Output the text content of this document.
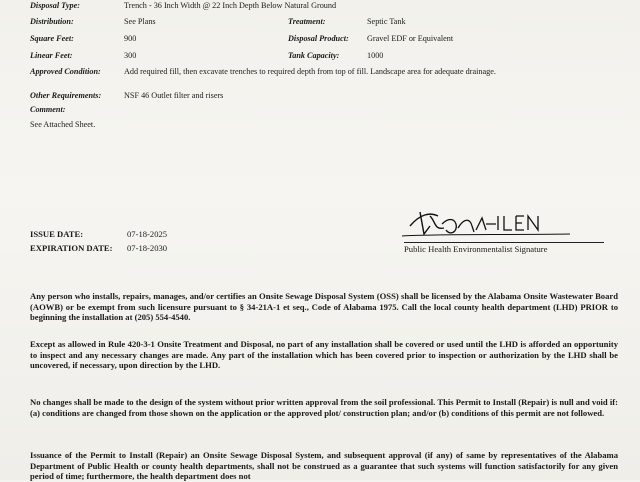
Disposal Type:	Trench - 36 Inch Width @ 22 Inch Depth Below Natural Ground
Distribution:	See Plans	Treatment:	Septic Tank
Square Feet:	900	Disposal Product: Gravel EDF or Equivalent
Linear Feet:	300	Tank Capacity:	1000
Approved Condition:	Add required fill, then excavate trenches to required depth from top of fill. Landscape area for adequate drainage.
Other Requirements:	NSF 46 Outlet filter and risers
Comment:
See Attached Sheet.
ISSUE DATE:	07-18-2025
EXPIRATION DATE: 07-18-2030	Public Health Environmentalist Signature
Any person who installs, repairs, manages, and/or certifies an Onsite Sewage Disposal System (OSS) shall be licensed by the Alabama Onsite Wastewater Board (AOWB) or be exempt from such licensure pursuant to § 34-21A-1 et seq., Code of Alabama 1975. Call the local county health department (LHD) PRIOR to beginning the installation at (205) 554-4540.
Except as allowed in Rule 420-3-1 Onsite Treatment and Disposal, no part of any installation shall be covered or used until the LHD is afforded an opportunity to inspect and any necessary changes are made. Any part of the installation which has been covered prior to inspection or authorization by the LHD shall be uncovered, if necessary, upon direction by the LHD.
No changes shall be made to the design of the system without prior written approval from the soil professional. This Permit to Install (Repair) is null and void if: (a) conditions are changed from those shown on the application or the approved plot/ construction plan; and/or (b) conditions of this permit are not followed.
Issuance of the Permit to Install (Repair) an Onsite Sewage Disposal System, and subsequent approval (if any) of same by representatives of the Alabama Department of Public Health or county health departments, shall not be construed as a guarantee that such systems will function satisfactorily for any given period of time; furthermore, the health department does not
